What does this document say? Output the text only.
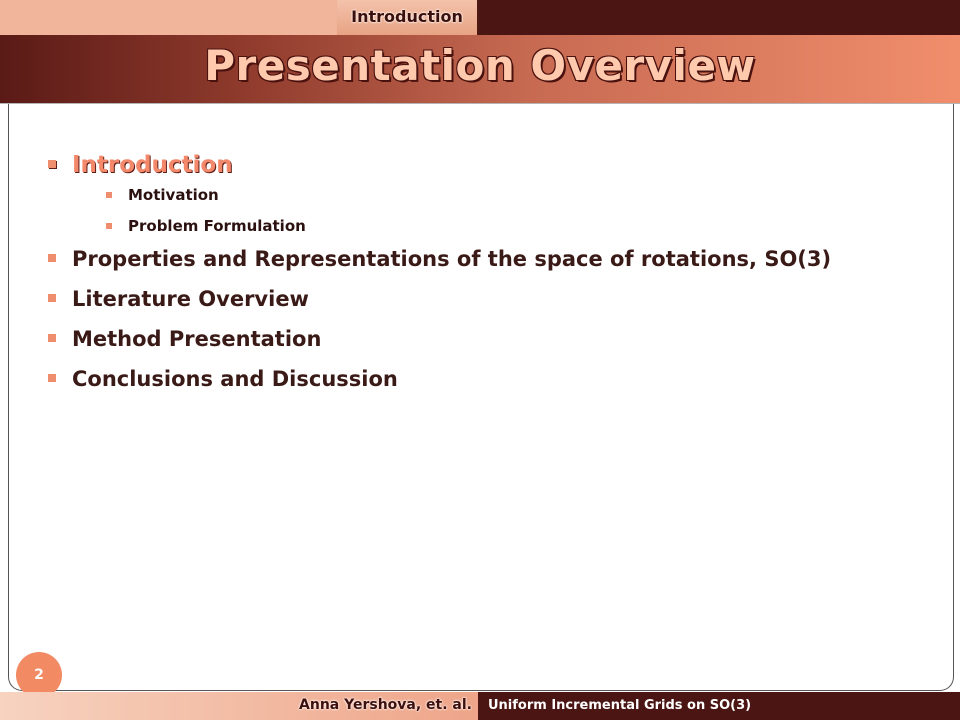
Introduction
Presentation Overview
Introduction
Motivation
Problem Formulation
Properties and Representations of the space of rotations, SO(3)
Literature Overview
Method Presentation
Conclusions and Discussion
2
Anna Yershova, et. al. Uniform Incremental Grids on SO(3)
